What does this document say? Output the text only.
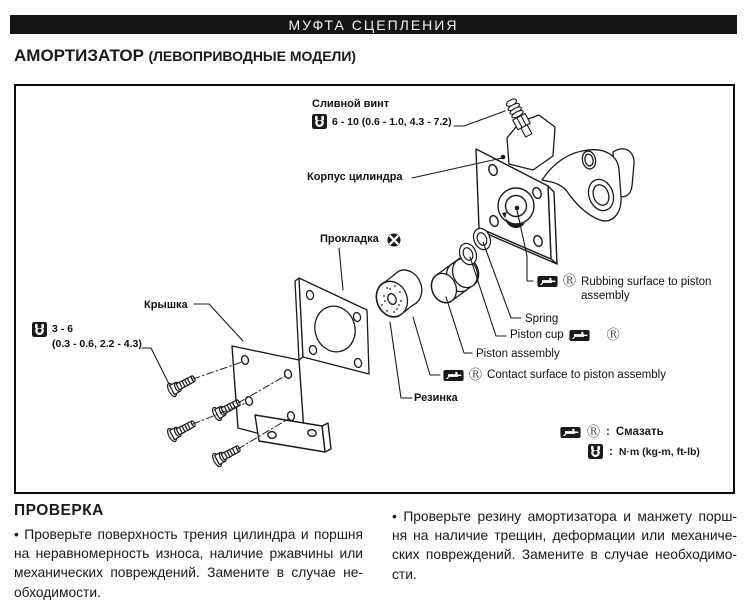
МУФТА СЦЕПЛЕНИЯ
АМОРТИЗАТОР (ЛЕВОПРИВОДНЫЕ МОДЕЛИ)
Сливной винт
6 - 10 (0.6 - 1.0, 4.3 - 7.2)
Корпус цилиндра
Прокладка
Крышка
3 - 6
(0.3 - 0.6, 2.2 - 4.3)
Резинка
Ⓡ Rubbing surface to piston
assembly
Spring
Piston cup	Ⓡ
Piston assembly
Ⓡ Contact surface to piston assembly
Ⓡ : Смазать
: N·m (kg-m, ft-lb)
ПРОВЕРКА
• Проверьте поверхность трения цилиндра и поршня
на неравномерность износа, наличие ржавчины или
механических повреждений. Замените в случае не-
обходимости.
• Проверьте резину амортизатора и манжету порш-
ня на наличие трещин, деформации или механиче-
ских повреждений. Замените в случае необходимо-
сти.
